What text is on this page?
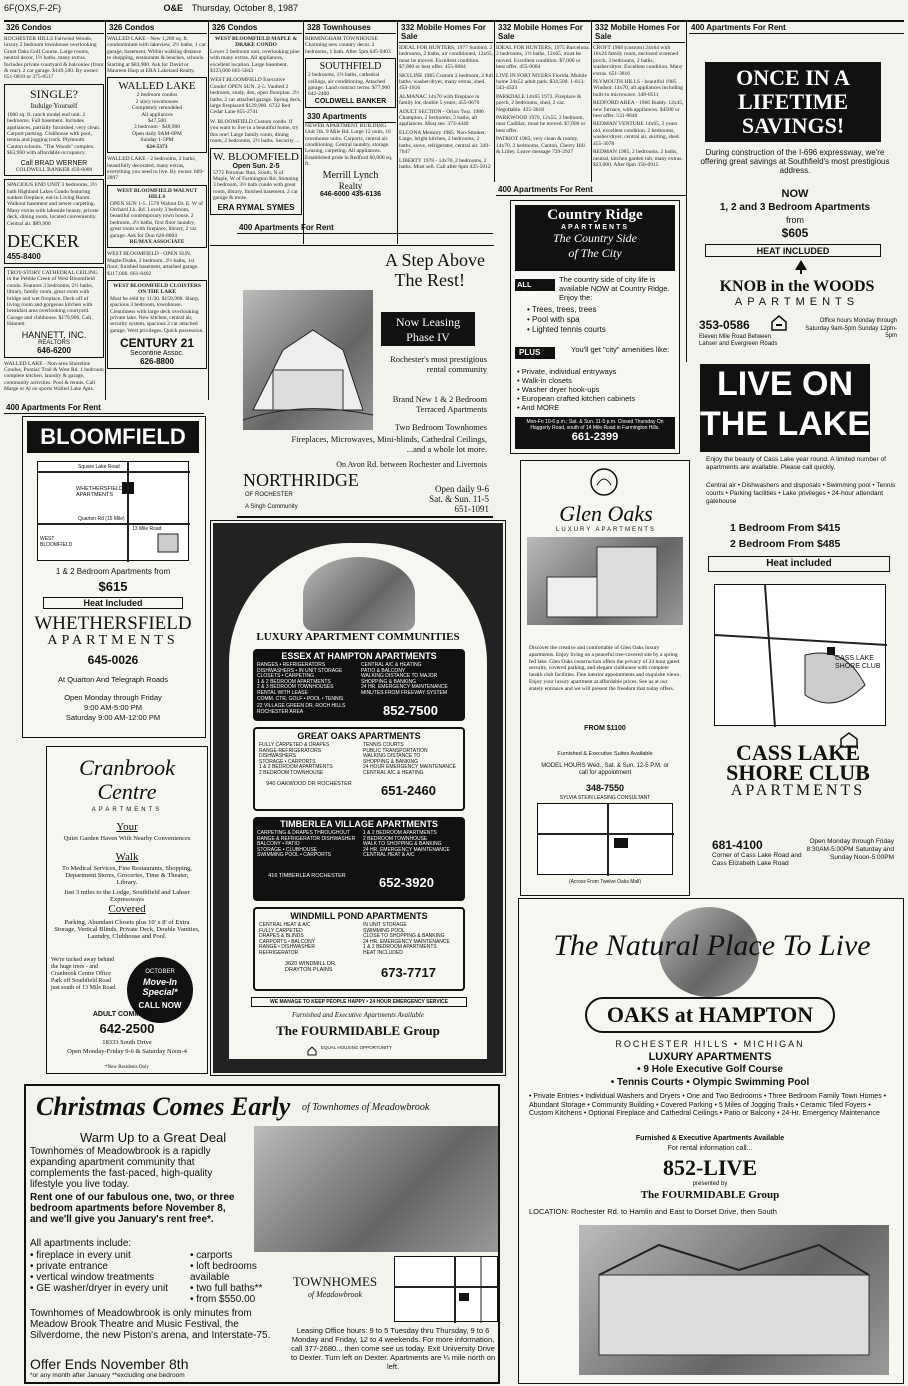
6F(OXS,F-2F)	O&E Thursday, October 8, 1987
326 Condos
ROCHESTER HILLS Fairwind Woods, luxury 2 bedroom townhouse overlooking Great Oaks Golf Course. Large rooms, neutral decor, 1½ baths, many extras. Includes private courtyard & balconies (front & rear). 2 car garage. $149,500. By owner: 651-0810 or 375-0517
SINGLE?
Indulge Yourself
1000 sq. ft. ranch model end unit. 2 bedrooms. Full basement. Includes appliances, partially furnished, very clean. Carport parking. Clubhouse with pool, tennis and jogging track. Plymouth Canton schools. "The Woods" complex. $63,900 with affordable occupancy.
Call BRAD WERNER
COLDWELL BANKER 459-6000
SPACIOUS END UNIT 3 bedrooms, 2½ bath Highland Lakes Condo featuring sunken fireplace, eat-in Living Room. Walkout basement and newer carpeting. Many extras with lakeside beauty, private deck, dining room, located conveniently. Central air. $89,900
DECKER
455-8400
TROY-STORY CATHEDRAL CEILING in the Pebble Creek of West Bloomfield condo. Features 3 bedrooms, 2½ baths, library, family room, great room with bridge and wet fireplace. Deck off of living room and gorgeous kitchen with breakfast area overlooking courtyard. Garage and clubhouse. $179,900. Call Hannett.
HANNETT, INC.
REALTORS
646-6200
WALLED LAKE - Non-area Shoreline Condos, Pontiac Trail & West Rd. 1 bedroom complete kitchen, laundry & garage, community activities. Pool & tennis. Call Marge or Al on sports Walled Lake Apts.
326 Condos
WALLED LAKE - New 1,200 sq. ft. condominium with lakeview, 2½ baths, 1 car garage, basement. Within walking distance to shopping, restaurants & beaches, schools. Starting at $83,900. Ask for David or Maureen Harp at ERA Lakeland Realty.
WALLED LAKE
2 bedroom condos
2 story townhouses
Completely remodeled
All appliances
$47,500
3 bedroom - $48,900
Open daily 9AM-6PM
Sunday 1-5PM
624-5373
WALLED LAKE - 2 bedrooms, 2 baths, beautifully decorated, many extras, everything you need to live. By owner. 669-2897
WEST BLOOMFIELD WALNUT HILLS
OPEN SUN 1-5. 1578 Walnut Dr. E. W of Orchard Lk. Rd. Lovely 3 bedroom, beautiful contemporary town house. 2 bedroom, 2½ baths, first floor laundry, great room with fireplace, library, 2 car garage. Ask for Don 626-8004
RE/MAX ASSOCIATE
WEST BLOOMFIELD - OPEN SUN. Maple/Drake, 2 bedroom, 2½ baths, 1st floor, finished basement, attached garage. $117,000. 661-8402
WEST BLOOMFIELD CLOISTERS ON THE LAKE
Must be sold by 11/30. $159,900. Sharp, spacious 3 bedroom, townhouse. Cleanliness with large deck overlooking private lake. New kitchen, central air, security system, spacious 2 car attached garage, West privileges. Quick possession.
CENTURY 21
Secontine Assoc.
626-8800
326 Condos
WEST BLOOMFIELD MAPLE & DRAKE CONDO
Lower 2 bedroom unit, overlooking pine with many extras. All appliances, excellent location. Large basement. $123,000 661-5043
WEST BLOOMFIELD Executive Condo! OPEN SUN. 2-5. Vaulted 2 bedroom, study, den, open floorplan. 2½ baths, 2 car attached garage. Spring deck, large fireplaced $129,900. 6732 Red Cedar Lane 855-2741
W. BLOOMFIELD Custom condo. If you want to live in a beautiful home, try this one! Large family room, dining room, 2 bedrooms, 2½ baths. Security ...
W. BLOOMFIELD
Open Sun. 2-5
5772 Potomac Run, South, N of Maple, W of Farmington Rd. Stunning 3 bedroom, 3½ bath condo with great room, library, finished basement, 2 car garage & more.
ERA RYMAL SYMES
328 Townhouses
BIRMINGHAM TOWNHOUSE Charming new country decor. 2 bedrooms, 1 bath. After 5pm 645-9403
SOUTHFIELD
2 bedrooms, 1½ baths, cathedral ceilings, air conditioning. Attached garage. Land contract terms. $77,900 642-2400
COLDWELL BANKER
330 Apartments
NEWER APARTMENT BUILDING Unit 7th. 9 Mile Rd. Large 12 units, 16 townhouse units. Carports, central air conditioning. Central laundry, storage. Leasing, carpeting. All appliances. Established pride in Redford 60,000 sq. ft.
Merrill Lynch
Realty
646-6000 435-6136
332 Mobile Homes For Sale
IDEAL FOR HUNTERS, 1977 Sunbird. 2 bedrooms, 2 baths, air conditioned, 12x65, must be moved. Excellent condition. $7,000 or best offer. 455-9084
SKYLINE 1985 Custom 3 bedroom, 2 full baths, washer/dryer, many extras, shed. 453-1816
ALMANAC 14x70 with fireplace in family lot, double 5 years; 455-0676
ADULT SECTION - Orion Twp. 1986 Champion, 2 bedrooms, 2 baths, all appliances. Must see. 373-4440
ELCONA Memory 1985. Non-Smoker. Large, bright kitchen, 2 bedrooms, 2 baths, stove, refrigerator, central air. 349-7047
LIBERTY 1978 - 14x70, 2 bedrooms, 2 baths. Must sell. Call after 6pm 425-5012
332 Mobile Homes For Sale
IDEAL FOR HUNTERS, 1975 Barcelona. 2 bedrooms, 1½ baths, 12x65, must be moved. Excellent condition. $7,000 or best offer. 455-9084
LIVE IN FORT MYERS Florida. Mobile home 24x52 adult park. $34,500. 1-813-543-4523
PARKDALE 14x65 1973. Fireplace & porch, 2 bedrooms, shed, 2 car. Negotiable. 425-3618
PARKWOOD 1970, 12x55, 2 bedroom, near Cadillac, must be moved. $7,000 or best offer.
PATRIOT 1983, very clean & roomy, 14x70, 2 bedrooms, Canton, Cherry Hill & Lilley. Leave message 729-2927
332 Mobile Homes For Sale
CROFT 1968 (custom) 24x64 with 16x24 family room, enclosed screened porch, 3 bedrooms, 2 baths, washer/dryer. Excellent condition. Many extras. 651-3816
PLYMOUTH HILLS - beautiful 1985 Windsor. 14x70, all appliances including built-in microwave. 348-6511
REDFORD AREA - 1966 Buddy. 12x45, new furnace, with appliances. $4500 or best offer. 531-8646
REDMAN VENTURE 14x65, 2 years old, excellent condition. 2 bedrooms, washer/dryer, central air, skirting, shed. 455-3078
REDMAN 1985, 2 bedrooms. 2 baths, neutral, kitchen garden tub, many extras. $23,000. After 6pm 356-0915
400 Apartments For Rent
ONCE IN A
LIFETIME
SAVINGS!
During construction of the I-696 expressway, we're offering great savings at Southfield's most prestigious address.
NOW
1, 2 and 3 Bedroom Apartments
from
$605
HEAT INCLUDED
KNOB in the WOODS
APARTMENTS
353-0586
Eleven Mile Road Between Lahser and Evergreen Roads
Office hours Monday through Saturday 9am-5pm Sunday 12pm-5pm
400 Apartments For Rent
400 Apartments For Rent
A Step Above
The Rest!
Now Leasing
Phase IV
Rochester's most prestigious rental community
Brand New 1 & 2 Bedroom Terraced Apartments
Two Bedroom Townhomes
Fireplaces, Microwaves, Mini-blinds, Cathedral Ceilings, ...and a whole lot more.
On Avon Rd. between Rochester and Livernois
NORTHRIDGE
OF ROCHESTER
A Singh Community
Open daily 9-6
Sat. & Sun. 11-5
651-1091
Country Ridge
APARTMENTS
The Country Side
of The City
ALL NEW!
The country side of city life is available NOW at Country Ridge. Enjoy the:
• Trees, trees, trees
• Pool with spa
• Lighted tennis courts
PLUS	You'll get "city" amenities like:
• Private, individual entryways
• Walk-in closets
• Washer dryer hook-ups
• European crafted kitchen cabinets
• And MORE
Mon-Fri 10-6 p.m.; Sat. & Sun. 11-5 p.m. Closed Thursday On Haggerty Road, south of 14 Mile Road in Farmington Hills.
661-2399
LIVE ON
THE LAKE
Enjoy the beauty of Cass Lake year round. A limited number of apartments are available. Please call quickly.
Central air • Dishwashers and disposals • Swimming pool • Tennis courts • Parking facilities • Lake privileges • 24-hour attendant gatehouse
1 Bedroom From $415
2 Bedroom From $485
Heat included
CASS LAKE SHORE CLUB
CASS LAKE
SHORE CLUB
APARTMENTS
681-4100
Corner of Cass Lake Road and Cass Elizabeth Lake Road
Open Monday through Friday 8:30AM-5:00PM Saturday and Sunday Noon-5:00PM
400 Apartments For Rent
BLOOMFIELD
Square Lake Road
WHETHERSFIELD APARTMENTS
Quarton Rd (15 Mile)
WEST BLOOMFIELD
13 Mile Road
1 & 2 Bedroom Apartments from
$615
Heat Included
WHETHERSFIELD
APARTMENTS
645-0026
At Quarton And Telegraph Roads
Open Monday through Friday
9:00 AM-5:00 PM
Saturday 9:00 AM-12:00 PM
Cranbrook
Centre
APARTMENTS
Your
Quiet Garden Haven With Nearby Conveniences
Walk
To Medical Services, Fine Restaurants, Shopping, Department Stores, Groceries, Time & Theater, Library.
Just 3 miles to the Lodge, Southfield and Lahser Expressways
Covered
Parking, Abundant Closets plus 10' x 8' of Extra Storage, Vertical Blinds, Private Deck, Double Vanities, Laundry, Clubhouse and Pool.
We're tucked away behind the huge trees - and Cranbrook Centre Office Park off Southfield Road just south of 13 Mile Road.
OCTOBER
Move-In Special*
CALL NOW
ADULT COMMUNITY
642-2500
18333 South Drive
Open Monday-Friday 9-6 & Saturday Noon-4
*New Residents Only
LUXURY APARTMENT COMMUNITIES
ESSEX AT HAMPTON APARTMENTS
RANGES • REFRIGERATORS
DISHWASHERS • IN UNIT STORAGE
CLOSETS • CARPETING
1 & 2 BEDROOM APARTMENTS
2 & 3 BEDROOM TOWNHOUSES
RENTAL WITH LEASE
COMM. CTR. GOLF • POOL • TENNIS
CENTRAL A/C & HEATING
PATIO & BALCONY
WALKING DISTANCE TO MAJOR
SHOPPING & BANKING
24 HR. EMERGENCY MAINTENANCE
MINUTES FROM FREEWAY SYSTEM
22 VILLAGE GREEN DR. ROCH HILLS ROCHESTER AREA	852-7500
GREAT OAKS APARTMENTS
FULLY CARPETED & DRAPES
RANGE-REFRIGERATORS
DISHWASHERS
STORAGE • CARPORTS
1 & 2 BEDROOM APARTMENTS
2 BEDROOM TOWNHOUSE
TENNIS COURTS
PUBLIC TRANSPORTATION
WALKING DISTANCE TO
SHOPPING & BANKING
24 HOUR EMERGENCY MAINTENANCE
CENTRAL A/C & HEATING
940 OAKWOOD DR ROCHESTER	651-2460
TIMBERLEA VILLAGE APARTMENTS
CARPETING & DRAPES THROUGHOUT
RANGE & REFRIGERATOR DISHWASHER
BALCONY • PATIO
STORAGE • CLUBHOUSE
SWIMMING POOL • CARPORTS
1 & 2 BEDROOM APARTMENTS
2 BEDROOM TOWNHOUSE
WALK TO SHOPPING & BANKING
24 HR. EMERGENCY MAINTENANCE
CENTRAL HEAT & A/C
416 TIMBERLEA ROCHESTER	652-3920
WINDMILL POND APARTMENTS
CENTRAL HEAT & A/C
FULLY CARPETED
DRAPES & BLINDS
CARPORTS • BALCONY
RANGE • DISHWASHER
REFRIGERATOR
IN UNIT STORAGE
SWIMMING POOL
CLOSE TO SHOPPING & BANKING
24 HR. EMERGENCY MAINTENANCE
1 & 2 BEDROOM APARTMENTS
HEAT INCLUDED
3620 WINDMILL DR. DRAYTON PLAINS	673-7717
WE MANAGE TO KEEP PEOPLE HAPPY • 24 HOUR EMERGENCY SERVICE
Furnished and Executive Apartments Available
The FOURMIDABLE Group
EQUAL HOUSING OPPORTUNITY
Glen Oaks
LUXURY APARTMENTS
Discover the creative and comfortable of Glen Oaks luxury apartments. Enjoy living on a peaceful tree-covered site by a spring fed lake. Glen Oaks construction offers the privacy of 24 hour gated security, covered parking, and elegant clubhouse with complete health club facilities. Fine interior appointments and exquisite views. Enjoy your luxury apartment at affordable prices. See us at our stately entrance and we will present the freedom that today offers.
FROM $1100
Furnished & Executive Suites Available
MODEL HOURS Wed., Sat. & Sun. 12-5 P.M. or call for appointment
348-7550
SYLVIA STEIN LEASING CONSULTANT
(Across From Twelve Oaks Mall)
The Natural Place To Live
OAKS at HAMPTON
ROCHESTER HILLS • MICHIGAN
LUXURY APARTMENTS
• 9 Hole Executive Golf Course
• Tennis Courts • Olympic Swimming Pool
• Private Entries • Individual Washers and Dryers • One and Two Bedrooms • Three Bedroom Family Town Homes • Abundant Storage • Community Building • Covered Parking • 5 Miles of Jogging Trails • Ceramic Tiled Foyers • Custom Kitchens • Optional Fireplace and Cathedral Ceilings • Patio or Balcony • 24-Hr. Emergency Maintenance
Furnished & Executive Apartments Available
For rental information call...
852-LIVE
presented by
The FOURMIDABLE Group
LOCATION: Rochester Rd. to Hamlin and East to Dorset Drive, then South
Christmas Comes Early	of Townhomes of Meadowbrook
Warm Up to a Great Deal
Townhomes of Meadowbrook is a rapidly expanding apartment community that complements the fast-paced, high-quality lifestyle you live today.
Rent one of our fabulous one, two, or three bedroom apartments before November 8, and we'll give you January's rent free*.
All apartments include:
• fireplace in every unit
• private entrance
• vertical window treatments
• GE washer/dryer in every unit
• carports
• loft bedrooms available
• two full baths**
• from $550.00
Townhomes of Meadowbrook is only minutes from Meadow Brook Theatre and Music Festival, the Silverdome, the new Piston's arena, and Interstate-75.
Offer Ends November 8th
*or any month after January **excluding one bedroom
TOWNHOMES
of Meadowbrook
Leasing Office hours: 9 to 5 Tuesday thru Thursday, 9 to 6 Monday and Friday, 12 to 4 weekends. For more information, call 377-2680... then come see us today. Exit University Drive to Dexter. Turn left on Dexter. Apartments are ¼ mile north on left.
